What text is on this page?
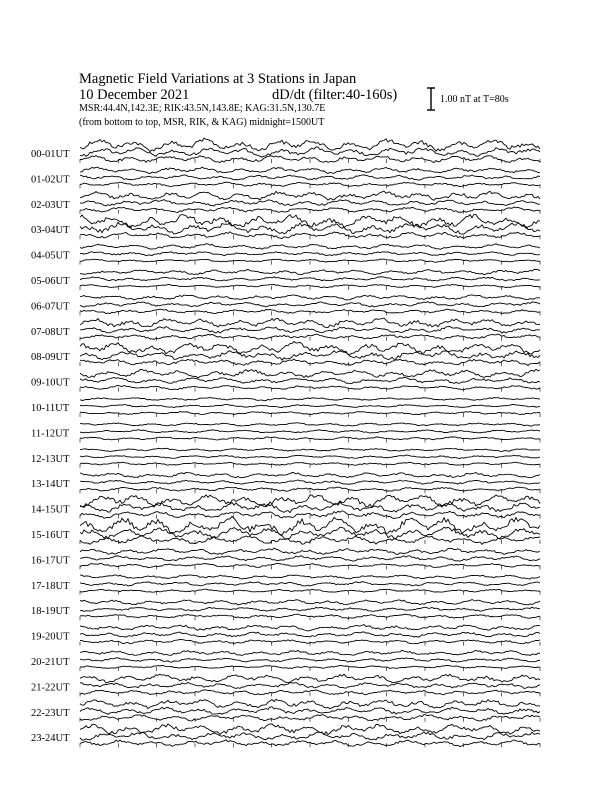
Magnetic Field Variations at 3 Stations in Japan
10 December 2021	dD/dt (filter:40-160s)
MSR:44.4N,142.3E; RIK:43.5N,143.8E; KAG:31.5N,130.7E
(from bottom to top, MSR, RIK, & KAG) midnight=1500UT
1.00 nT at T=80s
00-01UT
01-02UT
02-03UT
03-04UT
04-05UT
05-06UT
06-07UT
07-08UT
08-09UT
09-10UT
10-11UT
11-12UT
12-13UT
13-14UT
14-15UT
15-16UT
16-17UT
17-18UT
18-19UT
19-20UT
20-21UT
21-22UT
22-23UT
23-24UT
